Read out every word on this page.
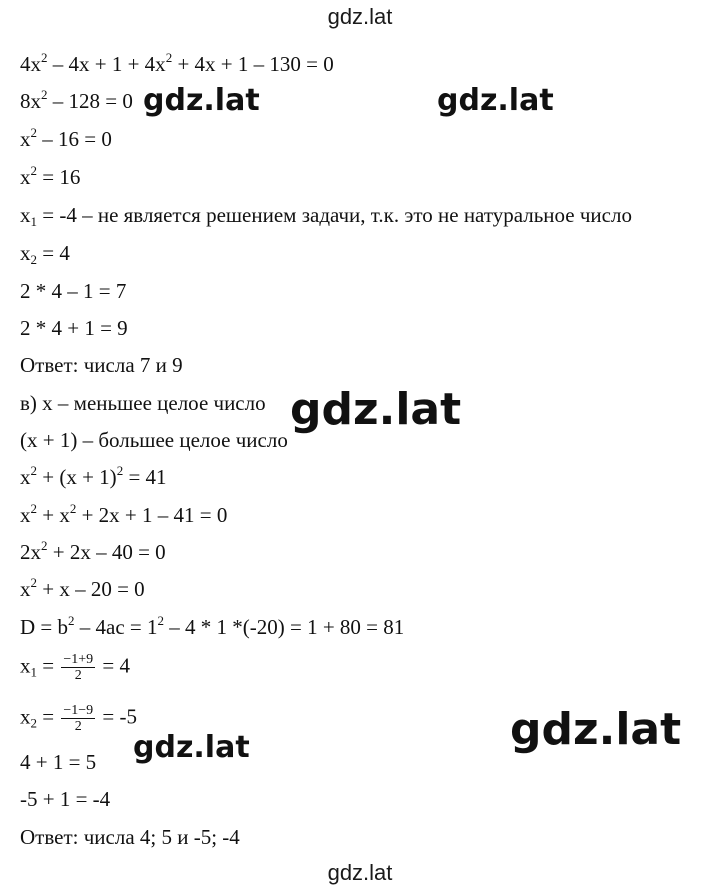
gdz.lat
$4x^2 - 4x + 1 + 4x^2 + 4x + 1 - 130 = 0$
$8x^2 - 128 = 0$
$x^2 - 16 = 0$
$x^2 = 16$
$x_1 = -4$ – не является решением задачи, т.к. это не натуральное число
$x_2 = 4$
2 * 4 – 1 = 7
2 * 4 + 1 = 9
Ответ: числа 7 и 9
в) x – меньшее целое число
(x + 1) – большее целое число
$x^2 + (x + 1)^2 = 41$
$x^2 + x^2 + 2x + 1 - 41 = 0$
$2x^2 + 2x - 40 = 0$
$x^2 + x - 20 = 0$
$D = b^2 - 4ac = 1^2 - 4 * 1$ *(-20) = 1 + 80 = 81
$x_1 = \frac{-1+9}{2} = 4$
$x_2 = \frac{-1-9}{2} = -5$
4 + 1 = 5
-5 + 1 = -4
Ответ: числа 4; 5 и -5; -4
gdz.lat	gdz.lat
gdz.lat
gdz.lat	gdz.lat
gdz.lat
